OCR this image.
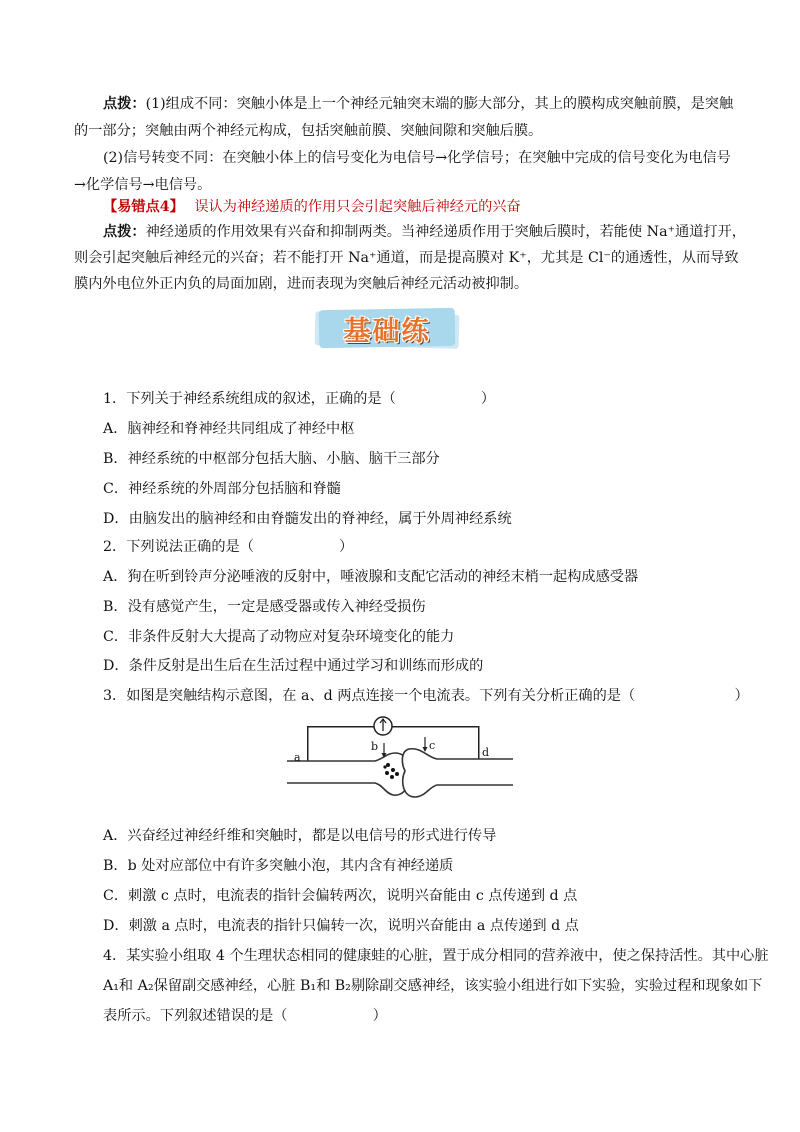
点拨：(1)组成不同：突触小体是上一个神经元轴突末端的膨大部分，其上的膜构成突触前膜，是突触
的一部分；突触由两个神经元构成，包括突触前膜、突触间隙和突触后膜。
(2)信号转变不同：在突触小体上的信号变化为电信号→化学信号；在突触中完成的信号变化为电信号
→化学信号→电信号。
【易错点4】 误认为神经递质的作用只会引起突触后神经元的兴奋
点拨：神经递质的作用效果有兴奋和抑制两类。当神经递质作用于突触后膜时，若能使 Na⁺通道打开，
则会引起突触后神经元的兴奋；若不能打开 Na⁺通道，而是提高膜对 K⁺，尤其是 Cl⁻的通透性，从而导致
膜内外电位外正内负的局面加剧，进而表现为突触后神经元活动被抑制。
基础练
1．下列关于神经系统组成的叙述，正确的是（　　　　　　）
A．脑神经和脊神经共同组成了神经中枢
B．神经系统的中枢部分包括大脑、小脑、脑干三部分
C．神经系统的外周部分包括脑和脊髓
D．由脑发出的脑神经和由脊髓发出的脊神经，属于外周神经系统
2．下列说法正确的是（　　　　　　）
A．狗在听到铃声分泌唾液的反射中，唾液腺和支配它活动的神经末梢一起构成感受器
B．没有感觉产生，一定是感受器或传入神经受损伤
C．非条件反射大大提高了动物应对复杂环境变化的能力
D．条件反射是出生后在生活过程中通过学习和训练而形成的
3．如图是突触结构示意图，在 a、d 两点连接一个电流表。下列有关分析正确的是（　　　　　　　）
a
b	c
d
A．兴奋经过神经纤维和突触时，都是以电信号的形式进行传导
B．b 处对应部位中有许多突触小泡，其内含有神经递质
C．刺激 c 点时，电流表的指针会偏转两次，说明兴奋能由 c 点传递到 d 点
D．刺激 a 点时，电流表的指针只偏转一次，说明兴奋能由 a 点传递到 d 点
4．某实验小组取 4 个生理状态相同的健康蛙的心脏，置于成分相同的营养液中，使之保持活性。其中心脏
A₁和 A₂保留副交感神经，心脏 B₁和 B₂剔除副交感神经，该实验小组进行如下实验，实验过程和现象如下
表所示。下列叙述错误的是（　　　　　　）
